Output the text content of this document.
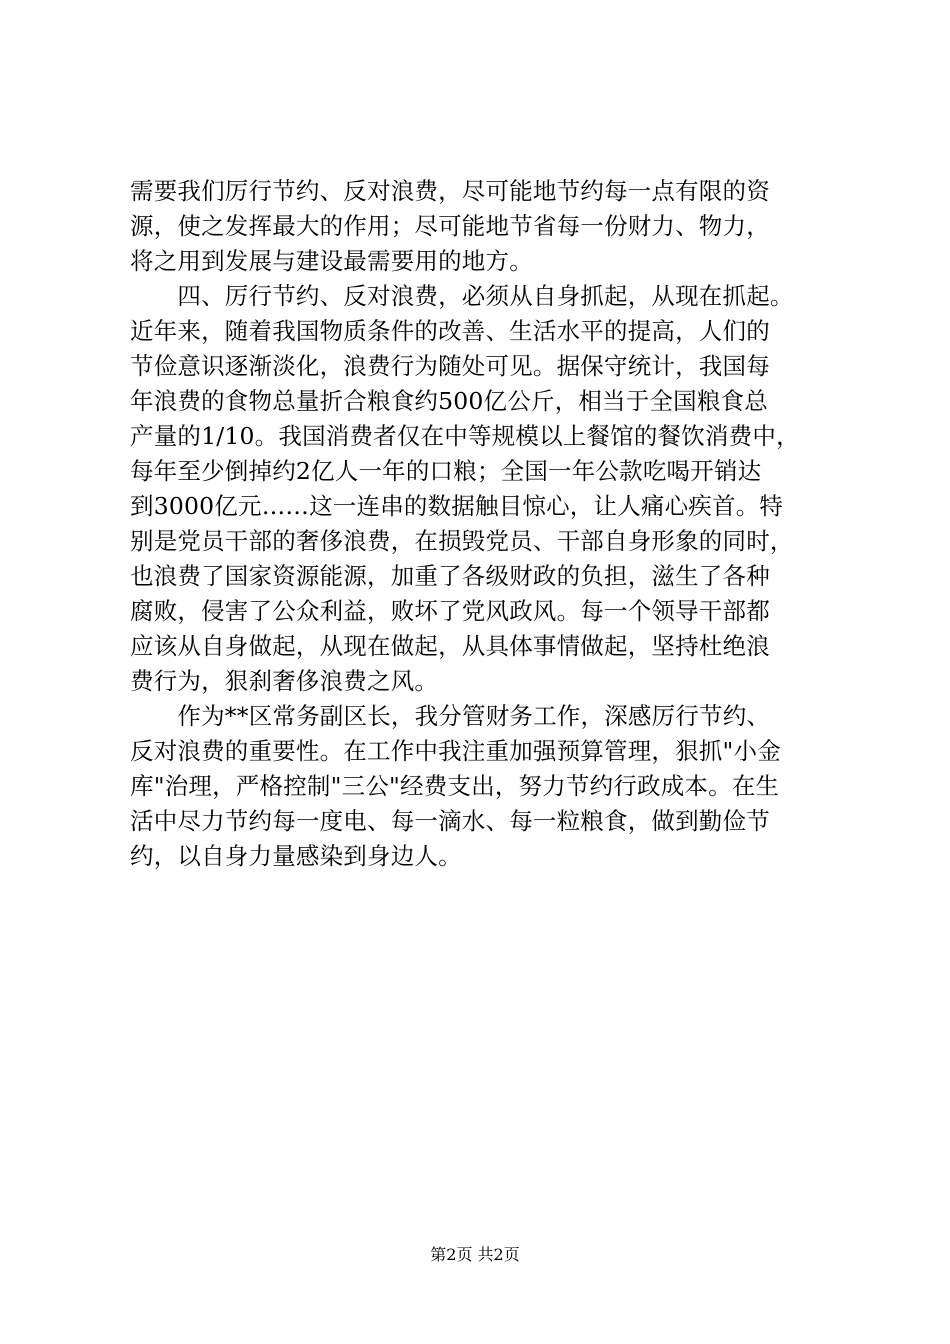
需要我们厉行节约、反对浪费，尽可能地节约每一点有限的资
源，使之发挥最大的作用；尽可能地节省每一份财力、物力，
将之用到发展与建设最需要用的地方。
　　四、厉行节约、反对浪费，必须从自身抓起，从现在抓起。
近年来，随着我国物质条件的改善、生活水平的提高，人们的
节俭意识逐渐淡化，浪费行为随处可见。据保守统计，我国每
年浪费的食物总量折合粮食约500亿公斤，相当于全国粮食总
产量的1/10。我国消费者仅在中等规模以上餐馆的餐饮消费中，
每年至少倒掉约2亿人一年的口粮；全国一年公款吃喝开销达
到3000亿元……这一连串的数据触目惊心，让人痛心疾首。特
别是党员干部的奢侈浪费，在损毁党员、干部自身形象的同时，
也浪费了国家资源能源，加重了各级财政的负担，滋生了各种
腐败，侵害了公众利益，败坏了党风政风。每一个领导干部都
应该从自身做起，从现在做起，从具体事情做起，坚持杜绝浪
费行为，狠刹奢侈浪费之风。
　　作为**区常务副区长，我分管财务工作，深感厉行节约、
反对浪费的重要性。在工作中我注重加强预算管理，狠抓"小金
库"治理，严格控制"三公"经费支出，努力节约行政成本。在生
活中尽力节约每一度电、每一滴水、每一粒粮食，做到勤俭节
约，以自身力量感染到身边人。
第2页 共2页
